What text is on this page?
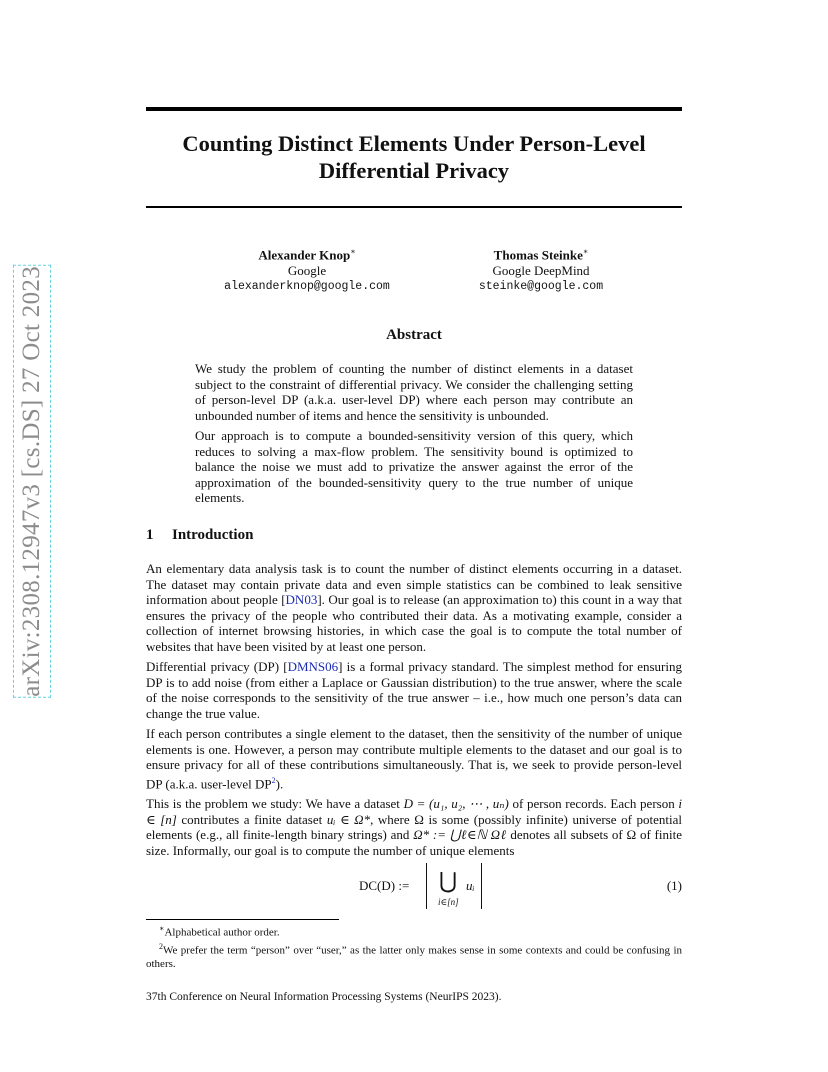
arXiv:2308.12947v3 [cs.DS] 27 Oct 2023
Counting Distinct Elements Under Person-Level Differential Privacy
Alexander Knop∗
Google
alexanderknop@google.com
Thomas Steinke∗
Google DeepMind
steinke@google.com
Abstract

We study the problem of counting the number of distinct elements in a dataset subject to the constraint of differential privacy. We consider the challenging setting of person-level DP (a.k.a. user-level DP) where each person may contribute an unbounded number of items and hence the sensitivity is unbounded.

Our approach is to compute a bounded-sensitivity version of this query, which reduces to solving a max-flow problem. The sensitivity bound is optimized to balance the noise we must add to privatize the answer against the error of the approximation of the bounded-sensitivity query to the true number of unique elements.

1 Introduction

An elementary data analysis task is to count the number of distinct elements occurring in a dataset. The dataset may contain private data and even simple statistics can be combined to leak sensitive information about people [DN03]. Our goal is to release (an approximation to) this count in a way that ensures the privacy of the people who contributed their data. As a motivating example, consider a collection of internet browsing histories, in which case the goal is to compute the total number of websites that have been visited by at least one person.

Differential privacy (DP) [DMNS06] is a formal privacy standard. The simplest method for ensuring DP is to add noise (from either a Laplace or Gaussian distribution) to the true answer, where the scale of the noise corresponds to the sensitivity of the true answer – i.e., how much one person’s data can change the true value.

If each person contributes a single element to the dataset, then the sensitivity of the number of unique elements is one. However, a person may contribute multiple elements to the dataset and our goal is to ensure privacy for all of these contributions simultaneously. That is, we seek to provide person-level DP (a.k.a. user-level DP$^2$).

This is the problem we study: We have a dataset D = (u₁, u₂, ⋯ , uₙ) of person records. Each person i ∈ [n] contributes a finite dataset uᵢ ∈ Ω*, where Ω is some (possibly infinite) universe of potential elements (e.g., all finite-length binary strings) and Ω* := ⋃ℓ∈ℕ Ωℓ denotes all subsets of Ω of finite size. Informally, our goal is to compute the number of unique elements

DC(D) := ⋃
i∈[n]
uᵢ	(1)

∗Alphabetical author order.

$^2$We prefer the term “person” over “user,” as the latter only makes sense in some contexts and could be confusing in others.

37th Conference on Neural Information Processing Systems (NeurIPS 2023).
